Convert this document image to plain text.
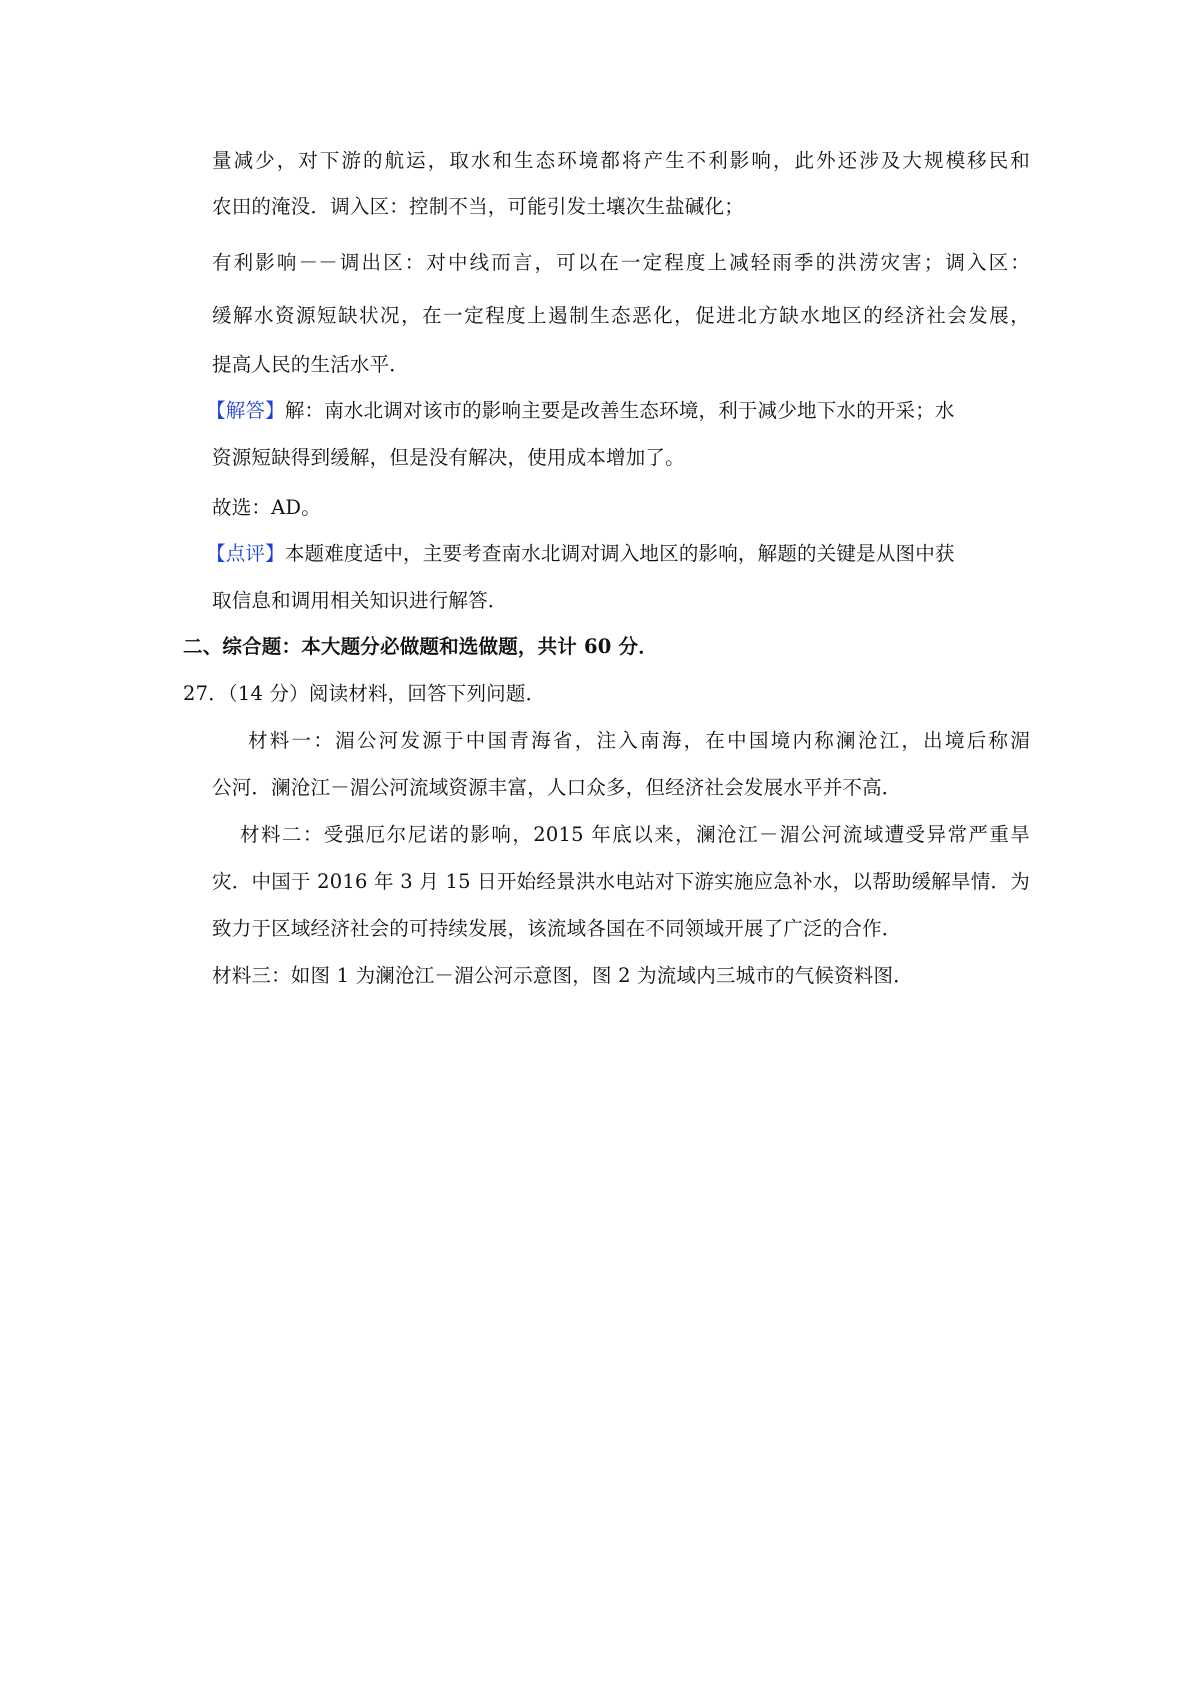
量减少，对下游的航运，取水和生态环境都将产生不利影响，此外还涉及大规模移民和
农田的淹没．调入区：控制不当，可能引发土壤次生盐碱化；
有利影响－－调出区：对中线而言，可以在一定程度上减轻雨季的洪涝灾害；调入区：
缓解水资源短缺状况，在一定程度上遏制生态恶化，促进北方缺水地区的经济社会发展，
提高人民的生活水平．
【解答】解：南水北调对该市的影响主要是改善生态环境，利于减少地下水的开采；水
资源短缺得到缓解，但是没有解决，使用成本增加了。
故选：AD。
【点评】本题难度适中，主要考查南水北调对调入地区的影响，解题的关键是从图中获
取信息和调用相关知识进行解答．
二、综合题：本大题分必做题和选做题，共计 60 分．
27．（14 分）阅读材料，回答下列问题．
材料一：湄公河发源于中国青海省，注入南海，在中国境内称澜沧江，出境后称湄
公河．澜沧江－湄公河流域资源丰富，人口众多，但经济社会发展水平并不高．
材料二：受强厄尔尼诺的影响，2015 年底以来，澜沧江－湄公河流域遭受异常严重旱
灾．中国于 2016 年 3 月 15 日开始经景洪水电站对下游实施应急补水，以帮助缓解旱情．为
致力于区域经济社会的可持续发展，该流域各国在不同领域开展了广泛的合作．
材料三：如图 1 为澜沧江－湄公河示意图，图 2 为流域内三城市的气候资料图．
